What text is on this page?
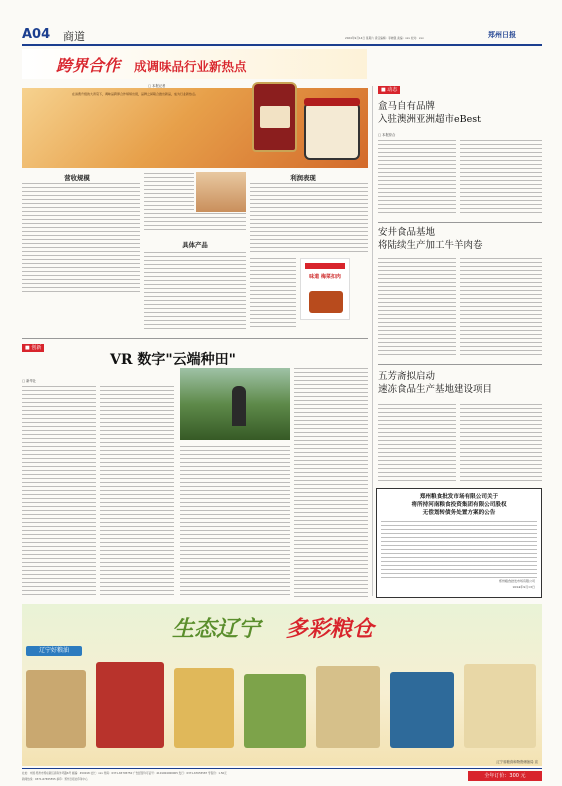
A04 商道	2024年9月14日 星期六 责任编辑：李晓强 美编：xxx 校对：xxx	郑州日报
跨界合作 成调味品行业新热点
□ 本报记者
在消费升级的大背景下，调味品跨界合作频频出现，品牌之间联合推出新品，成为行业新热点。
营收规模
具体产品
利润表现
味道 梅菜扣肉
■ 创新
VR 数字"云端种田"
□ 新华社
■ 动态
盒马自有品牌
入驻澳洲亚洲超市eBest
□ 本报综合
安井食品基地
将陆续生产加工牛羊肉卷
五芳斋拟启动
速冻食品生产基地建设项目
郑州粮食批发市场有限公司关于
将所持河南粮食投资集团有限公司股权
无偿划转债务处置方案的公告
郑州粮食批发市场有限公司
2024年9月13日
生态辽宁 多彩粮仓
辽宁好粮油
辽宁省粮食和物资储备局 宣
社址：中国·郑州市郑东新区商务外环路6号 邮编：450018 社长：xxx 传真：0371-65795750 广告经营许可证号：4101004000005 发行：0371-67655587 零售价：1.50元
新闻热线：0371-67655555 承印：郑州日报社印务中心
全年订价：300 元
